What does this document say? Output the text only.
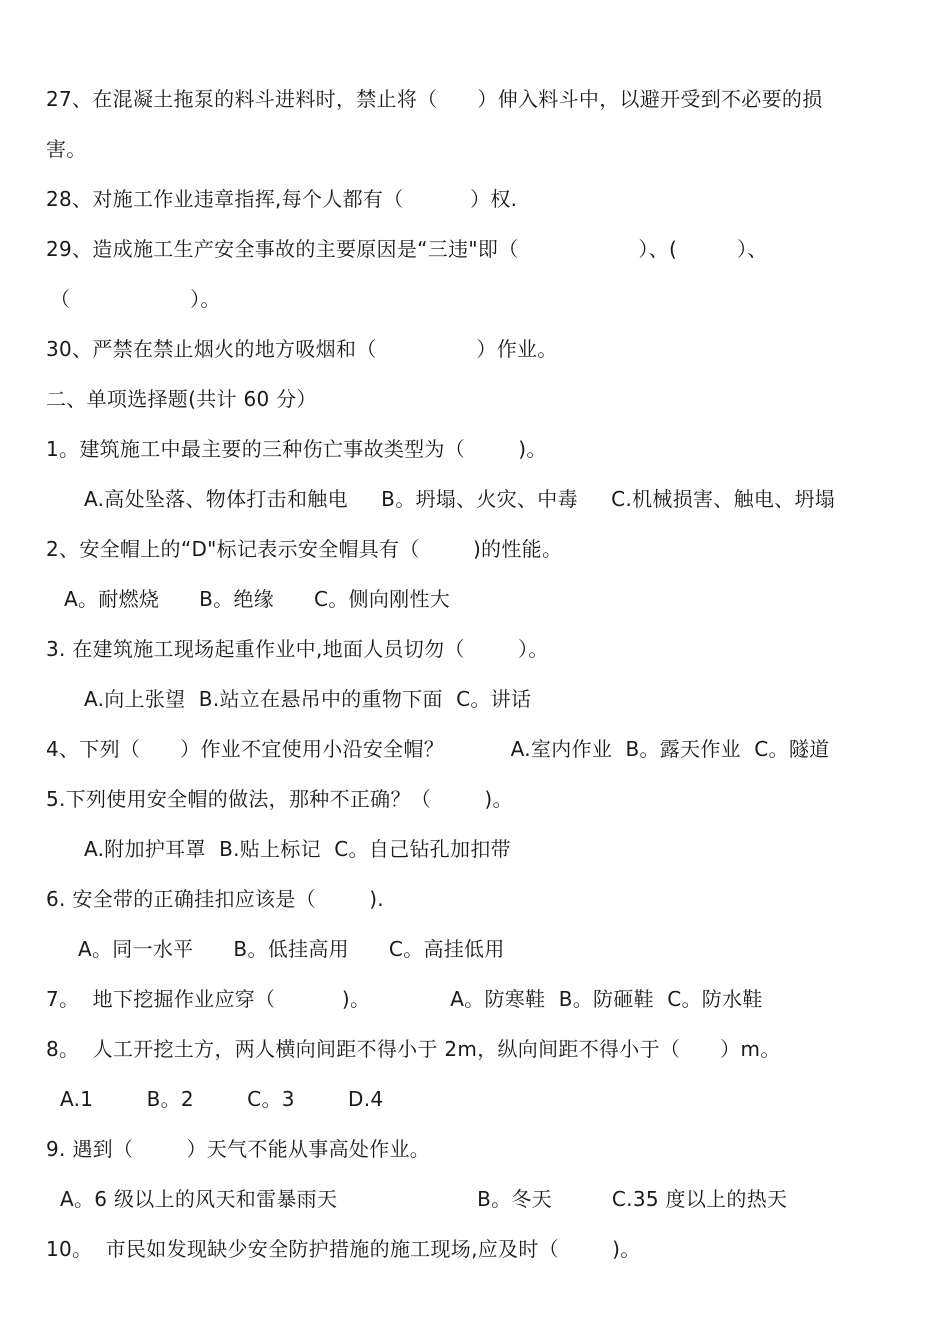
27、在混凝土拖泵的料斗进料时，禁止将（      ）伸入料斗中，以避开受到不必要的损
害。
28、对施工作业违章指挥,每个人都有（          ）权.
29、造成施工生产安全事故的主要原因是“三违"即（                  ）、(         ）、
（                  ）。
30、严禁在禁止烟火的地方吸烟和（               ）作业。
二、单项选择题(共计 60 分）
1。建筑施工中最主要的三种伤亡事故类型为（        )。
A.高处坠落、物体打击和触电     B。坍塌、火灾、中毒     C.机械损害、触电、坍塌
2、安全帽上的“D"标记表示安全帽具有（        )的性能。
A。耐燃烧      B。绝缘      C。侧向刚性大
3. 在建筑施工现场起重作业中,地面人员切勿（        ）。
A.向上张望  B.站立在悬吊中的重物下面  C。讲话
4、下列（      ）作业不宜使用小沿安全帽？          A.室内作业  B。露天作业  C。隧道
5.下列使用安全帽的做法，那种不正确？（        )。
A.附加护耳罩  B.贴上标记  C。自己钻孔加扣带
6. 安全带的正确挂扣应该是（        ).
A。同一水平      B。低挂高用      C。高挂低用
7。  地下挖掘作业应穿（          )。            A。防寒鞋  B。防砸鞋  C。防水鞋
8。  人工开挖土方，两人横向间距不得小于 2m，纵向间距不得小于（      ）m。
A.1        B。2        C。3        D.4
9. 遇到（        ）天气不能从事高处作业。
A。6 级以上的风天和雷暴雨天                     B。冬天         C.35 度以上的热天
10。  市民如发现缺少安全防护措施的施工现场,应及时（        )。
